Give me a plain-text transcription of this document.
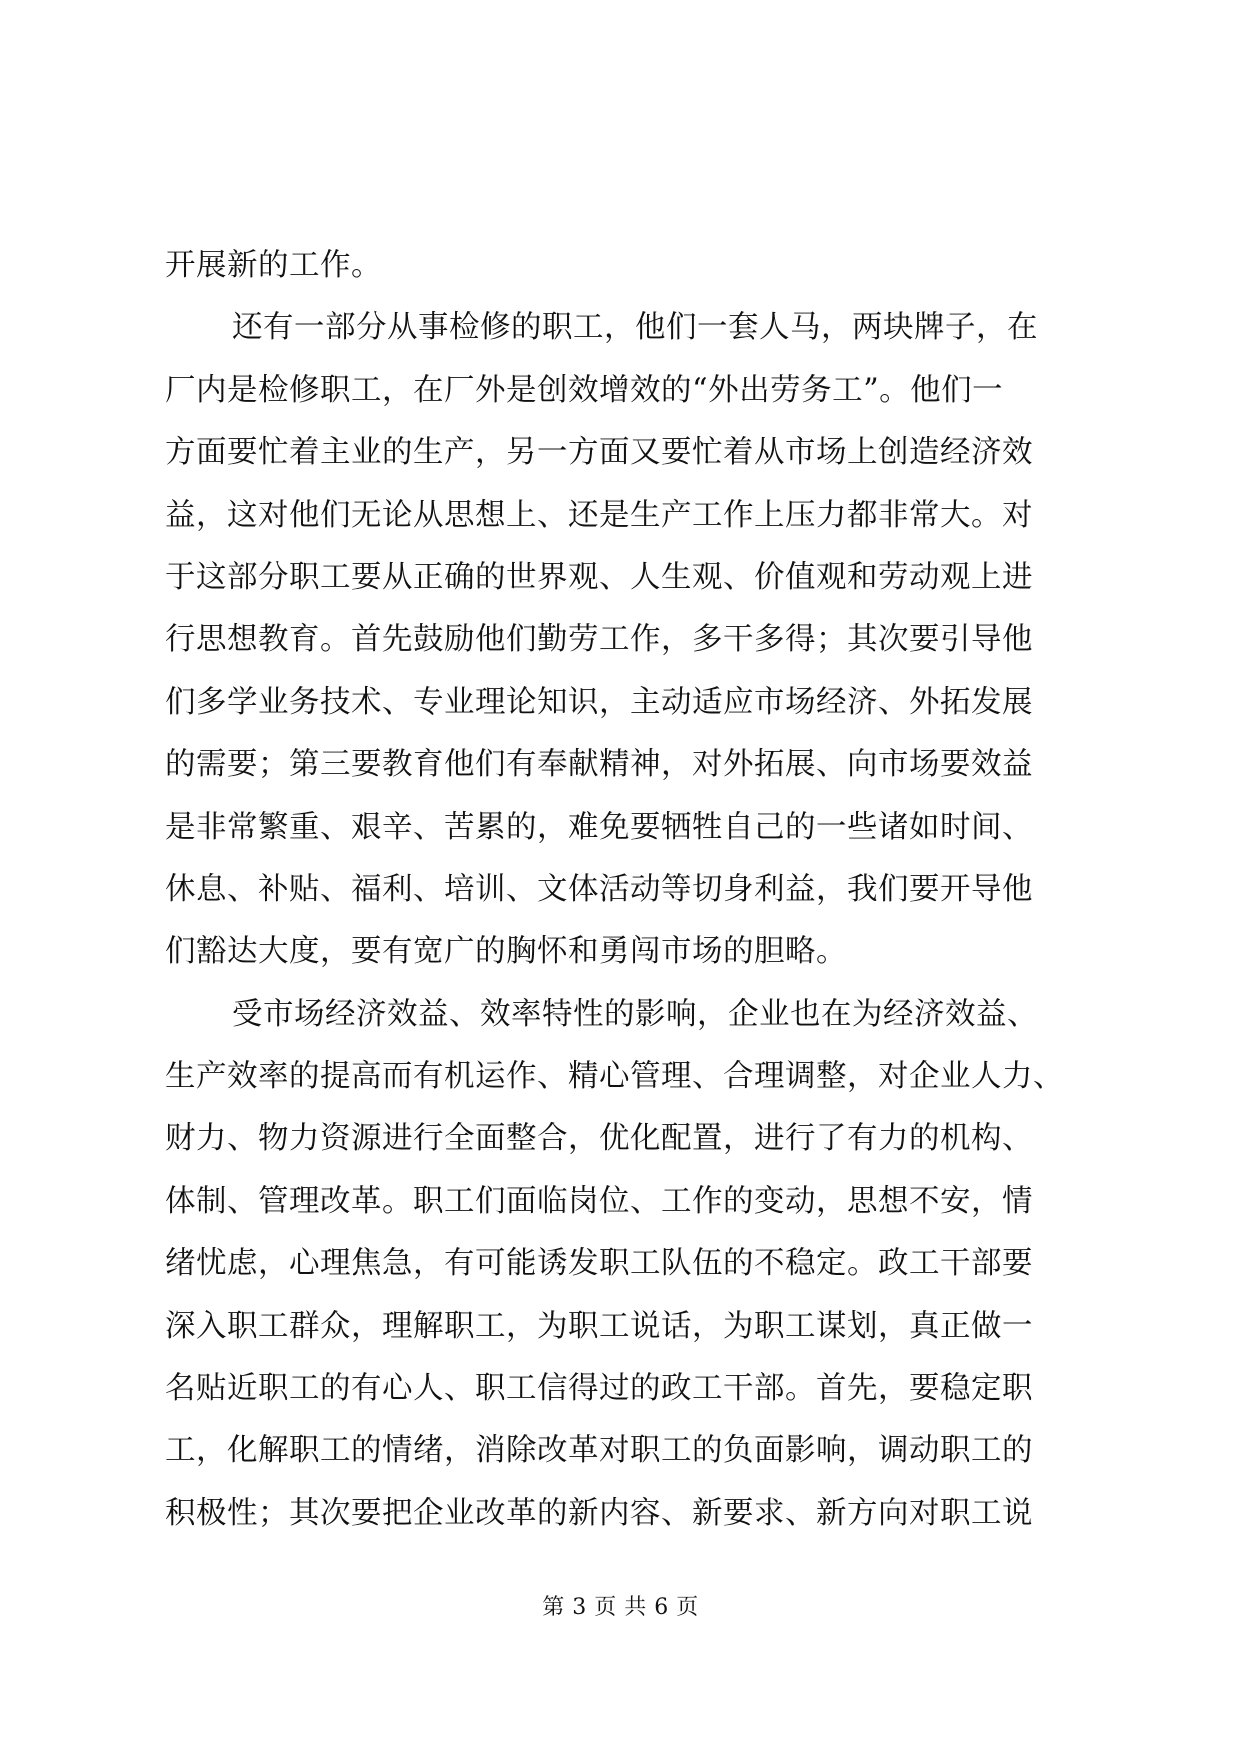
开展新的工作。
还有一部分从事检修的职工，他们一套人马，两块牌子，在
厂内是检修职工，在厂外是创效增效的“外出劳务工”。他们一
方面要忙着主业的生产，另一方面又要忙着从市场上创造经济效
益，这对他们无论从思想上、还是生产工作上压力都非常大。对
于这部分职工要从正确的世界观、人生观、价值观和劳动观上进
行思想教育。首先鼓励他们勤劳工作，多干多得；其次要引导他
们多学业务技术、专业理论知识，主动适应市场经济、外拓发展
的需要；第三要教育他们有奉献精神，对外拓展、向市场要效益
是非常繁重、艰辛、苦累的，难免要牺牲自己的一些诸如时间、
休息、补贴、福利、培训、文体活动等切身利益，我们要开导他
们豁达大度，要有宽广的胸怀和勇闯市场的胆略。
受市场经济效益、效率特性的影响，企业也在为经济效益、
生产效率的提高而有机运作、精心管理、合理调整，对企业人力、
财力、物力资源进行全面整合，优化配置，进行了有力的机构、
体制、管理改革。职工们面临岗位、工作的变动，思想不安，情
绪忧虑，心理焦急，有可能诱发职工队伍的不稳定。政工干部要
深入职工群众，理解职工，为职工说话，为职工谋划，真正做一
名贴近职工的有心人、职工信得过的政工干部。首先，要稳定职
工，化解职工的情绪，消除改革对职工的负面影响，调动职工的
积极性；其次要把企业改革的新内容、新要求、新方向对职工说
第 3 页 共 6 页
